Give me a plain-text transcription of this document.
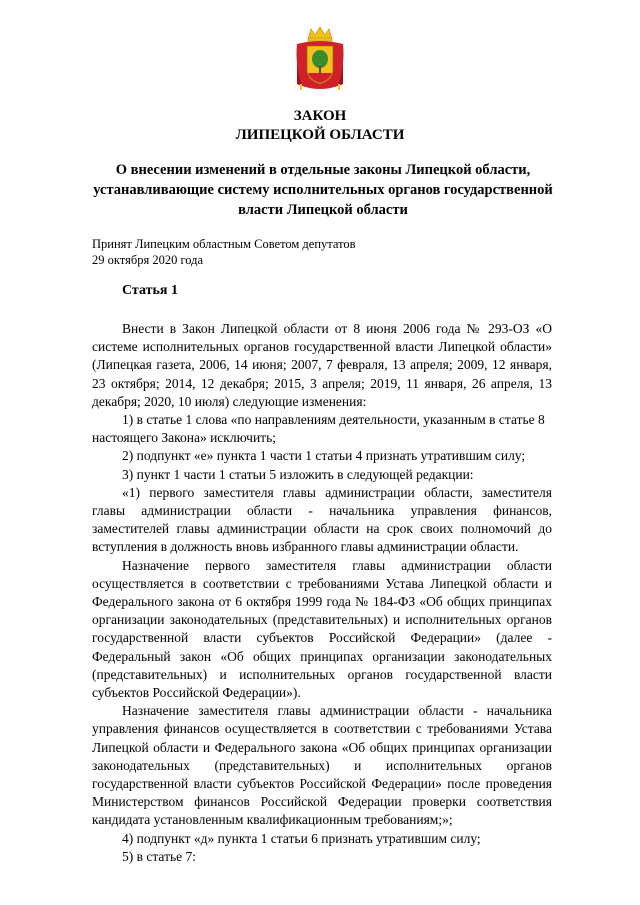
ЗАКОН
ЛИПЕЦКОЙ ОБЛАСТИ
О внесении изменений в отдельные законы Липецкой области, устанавливающие систему исполнительных органов государственной власти Липецкой области
Принят Липецким областным Советом депутатов
29 октября 2020 года
Статья 1

Внести в Закон Липецкой области от 8 июня 2006 года № 293-ОЗ «О системе исполнительных органов государственной власти Липецкой области» (Липецкая газета, 2006, 14 июня; 2007, 7 февраля, 13 апреля; 2009, 12 января, 23 октября; 2014, 12 декабря; 2015, 3 апреля; 2019, 11 января, 26 апреля, 13 декабря; 2020, 10 июля) следующие изменения:

1) в статье 1 слова «по направлениям деятельности, указанным в статье 8 настоящего Закона» исключить;

2) подпункт «е» пункта 1 части 1 статьи 4 признать утратившим силу;

3) пункт 1 части 1 статьи 5 изложить в следующей редакции:

«1) первого заместителя главы администрации области, заместителя главы администрации области - начальника управления финансов, заместителей главы администрации области на срок своих полномочий до вступления в должность вновь избранного главы администрации области.

Назначение первого заместителя главы администрации области осуществляется в соответствии с требованиями Устава Липецкой области и Федерального закона от 6 октября 1999 года № 184-ФЗ «Об общих принципах организации законодательных (представительных) и исполнительных органов государственной власти субъектов Российской Федерации» (далее - Федеральный закон «Об общих принципах организации законодательных (представительных) и исполнительных органов государственной власти субъектов Российской Федерации»).

Назначение заместителя главы администрации области - начальника управления финансов осуществляется в соответствии с требованиями Устава Липецкой области и Федерального закона «Об общих принципах организации законодательных (представительных) и исполнительных органов государственной власти субъектов Российской Федерации» после проведения Министерством финансов Российской Федерации проверки соответствия кандидата установленным квалификационным требованиям;»;

4) подпункт «д» пункта 1 статьи 6 признать утратившим силу;

5) в статье 7:
